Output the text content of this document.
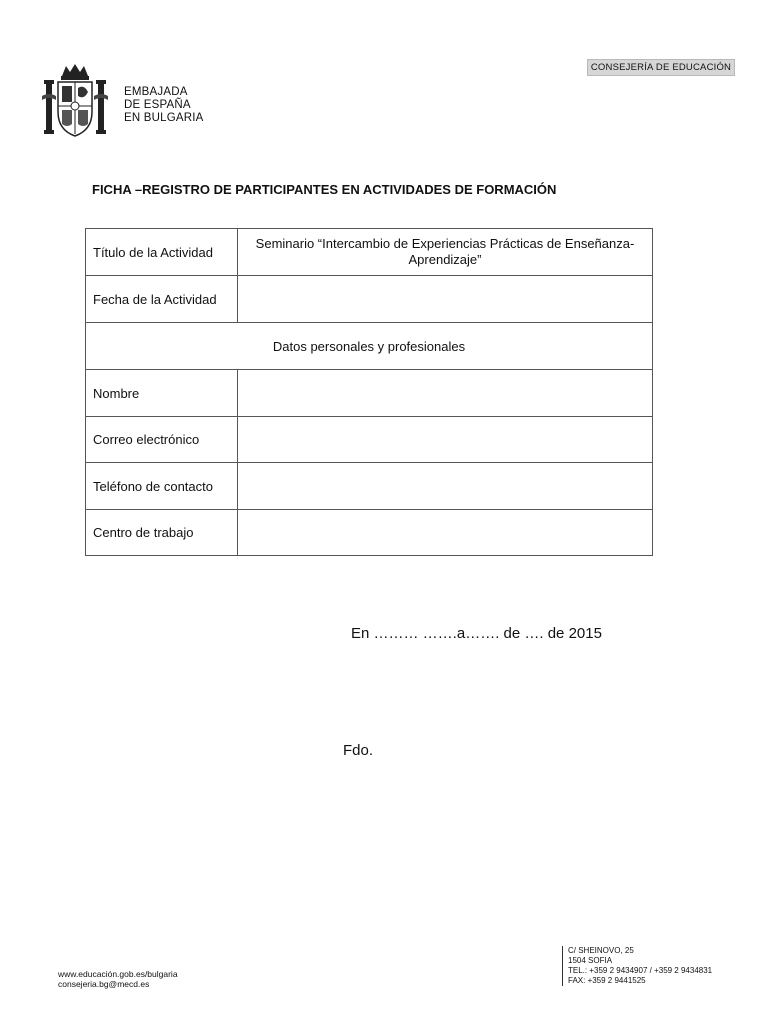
CONSEJERÍA DE EDUCACIÓN
EMBAJADA
DE ESPAÑA
EN BULGARIA
FICHA –REGISTRO DE PARTICIPANTES EN ACTIVIDADES DE FORMACIÓN
Título de la Actividad
Seminario “Intercambio de Experiencias Prácticas de Enseñanza-Aprendizaje”
Fecha de la Actividad
Datos personales y profesionales
Nombre
Correo electrónico
Teléfono de contacto
Centro de trabajo
En ……… …….a……. de …. de 2015
Fdo.
www.educación.gob.es/bulgaria
consejeria.bg@mecd.es
C/ SHEINOVO, 25
1504 SOFIA
TEL.: +359 2 9434907 / +359 2 9434831
FAX: +359 2 9441525
